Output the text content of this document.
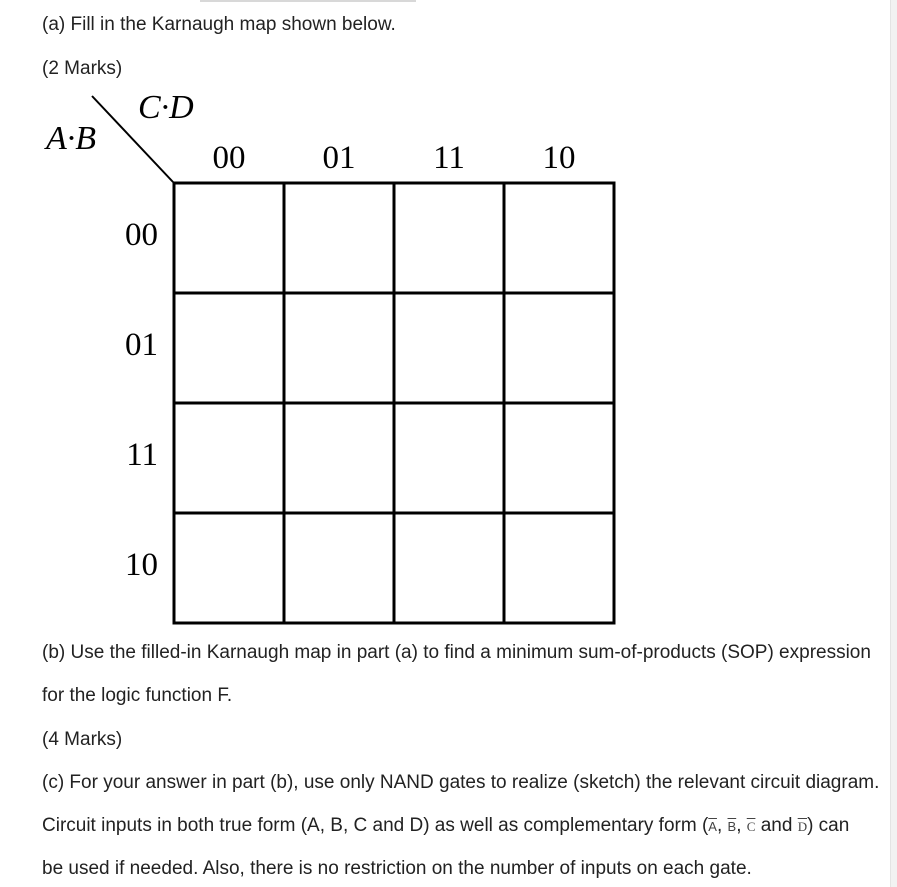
(a) Fill in the Karnaugh map shown below.
(2 Marks)
C·D
A·B
00 01 11 10
00
01
11
10
(b) Use the filled-in Karnaugh map in part (a) to find a minimum sum-of-products (SOP) expression
for the logic function F.
(4 Marks)
(c) For your answer in part (b), use only NAND gates to realize (sketch) the relevant circuit diagram.
Circuit inputs in both true form (A, B, C and D) as well as complementary form ($\overline{A}$, $\overline{B}$, $\overline{C}$ and $\overline{D}$) can
be used if needed. Also, there is no restriction on the number of inputs on each gate.
